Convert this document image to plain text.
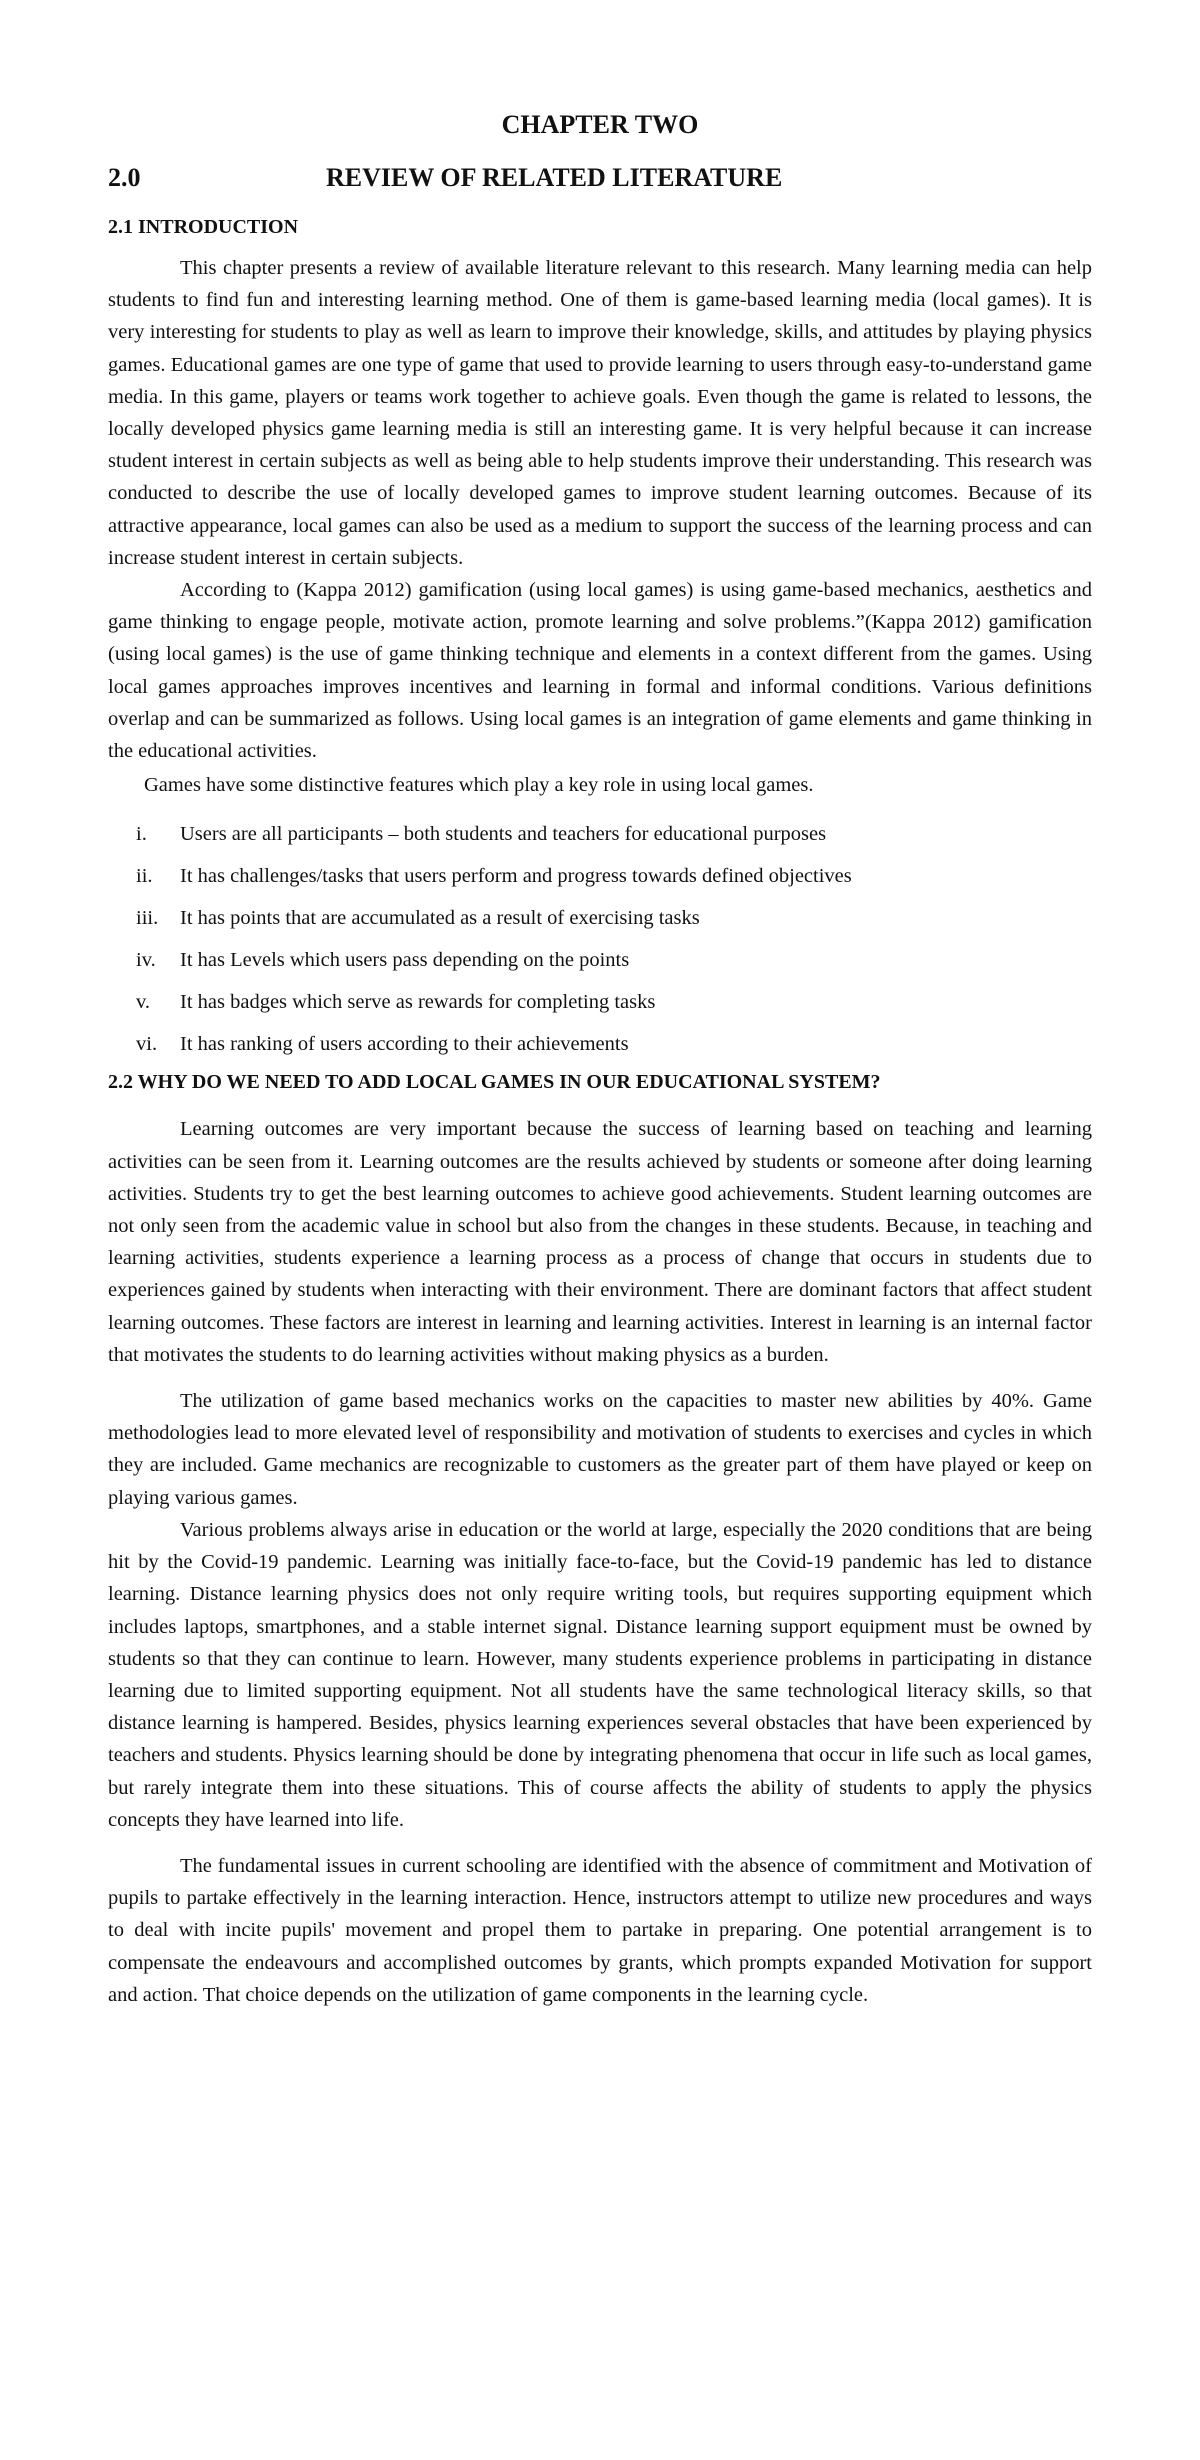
CHAPTER TWO
2.0	REVIEW OF RELATED LITERATURE
2.1 INTRODUCTION

This chapter presents a review of available literature relevant to this research. Many learning media can help students to find fun and interesting learning method. One of them is game-based learning media (local games). It is very interesting for students to play as well as learn to improve their knowledge, skills, and attitudes by playing physics games. Educational games are one type of game that used to provide learning to users through easy-to-understand game media. In this game, players or teams work together to achieve goals. Even though the game is related to lessons, the locally developed physics game learning media is still an interesting game. It is very helpful because it can increase student interest in certain subjects as well as being able to help students improve their understanding. This research was conducted to describe the use of locally developed games to improve student learning outcomes. Because of its attractive appearance, local games can also be used as a medium to support the success of the learning process and can increase student interest in certain subjects.

According to (Kappa 2012) gamification (using local games) is using game-based mechanics, aesthetics and game thinking to engage people, motivate action, promote learning and solve problems.”(Kappa 2012) gamification (using local games) is the use of game thinking technique and elements in a context different from the games. Using local games approaches improves incentives and learning in formal and informal conditions. Various definitions overlap and can be summarized as follows. Using local games is an integration of game elements and game thinking in the educational activities.

Games have some distinctive features which play a key role in using local games.

i.	Users are all participants – both students and teachers for educational purposes
ii.	It has challenges/tasks that users perform and progress towards defined objectives
iii.	It has points that are accumulated as a result of exercising tasks
iv.	It has Levels which users pass depending on the points
v.	It has badges which serve as rewards for completing tasks
vi.	It has ranking of users according to their achievements
2.2 WHY DO WE NEED TO ADD LOCAL GAMES IN OUR EDUCATIONAL SYSTEM?

Learning outcomes are very important because the success of learning based on teaching and learning activities can be seen from it. Learning outcomes are the results achieved by students or someone after doing learning activities. Students try to get the best learning outcomes to achieve good achievements. Student learning outcomes are not only seen from the academic value in school but also from the changes in these students. Because, in teaching and learning activities, students experience a learning process as a process of change that occurs in students due to experiences gained by students when interacting with their environment. There are dominant factors that affect student learning outcomes. These factors are interest in learning and learning activities. Interest in learning is an internal factor that motivates the students to do learning activities without making physics as a burden.

The utilization of game based mechanics works on the capacities to master new abilities by 40%. Game methodologies lead to more elevated level of responsibility and motivation of students to exercises and cycles in which they are included. Game mechanics are recognizable to customers as the greater part of them have played or keep on playing various games.

Various problems always arise in education or the world at large, especially the 2020 conditions that are being hit by the Covid-19 pandemic. Learning was initially face-to-face, but the Covid-19 pandemic has led to distance learning. Distance learning physics does not only require writing tools, but requires supporting equipment which includes laptops, smartphones, and a stable internet signal. Distance learning support equipment must be owned by students so that they can continue to learn. However, many students experience problems in participating in distance learning due to limited supporting equipment. Not all students have the same technological literacy skills, so that distance learning is hampered. Besides, physics learning experiences several obstacles that have been experienced by teachers and students. Physics learning should be done by integrating phenomena that occur in life such as local games, but rarely integrate them into these situations. This of course affects the ability of students to apply the physics concepts they have learned into life.

The fundamental issues in current schooling are identified with the absence of commitment and Motivation of pupils to partake effectively in the learning interaction. Hence, instructors attempt to utilize new procedures and ways to deal with incite pupils' movement and propel them to partake in preparing. One potential arrangement is to compensate the endeavours and accomplished outcomes by grants, which prompts expanded Motivation for support and action. That choice depends on the utilization of game components in the learning cycle.
